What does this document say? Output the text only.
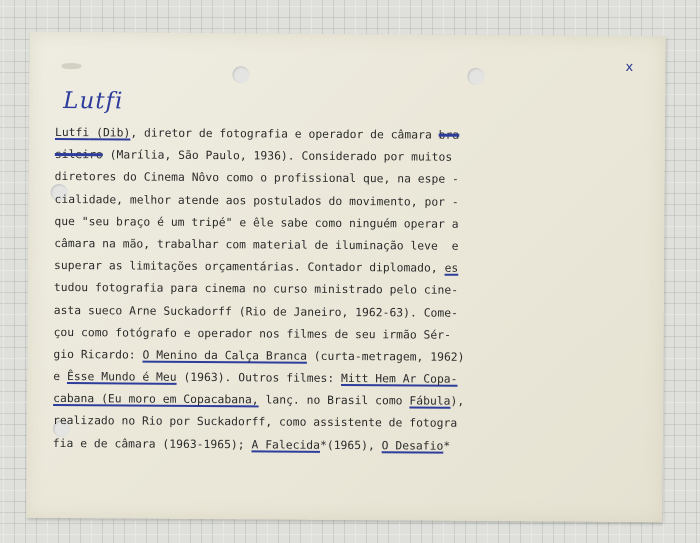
x
Lutfi
Lutfi (Dib), diretor de fotografia e operador de câmara bra
sileiro (Marília, São Paulo, 1936). Considerado por muitos
diretores do Cinema Nôvo como o profissional que, na espe -
cialidade, melhor atende aos postulados do movimento, por -
que "seu braço é um tripé" e êle sabe como ninguém operar a
câmara na mão, trabalhar com material de iluminação leve  e
superar as limitações orçamentárias. Contador diplomado, es
tudou fotografia para cinema no curso ministrado pelo cine-
asta sueco Arne Suckadorff (Rio de Janeiro, 1962-63). Come-
çou como fotógrafo e operador nos filmes de seu irmão Sér-
gio Ricardo: O Menino da Calça Branca (curta-metragem, 1962)
e Êsse Mundo é Meu (1963). Outros filmes: Mitt Hem Ar Copa-
cabana (Eu moro em Copacabana, lanç. no Brasil como Fábula),
realizado no Rio por Suckadorff, como assistente de fotogra
fia e de câmara (1963-1965); A Falecida*(1965), O Desafio*
